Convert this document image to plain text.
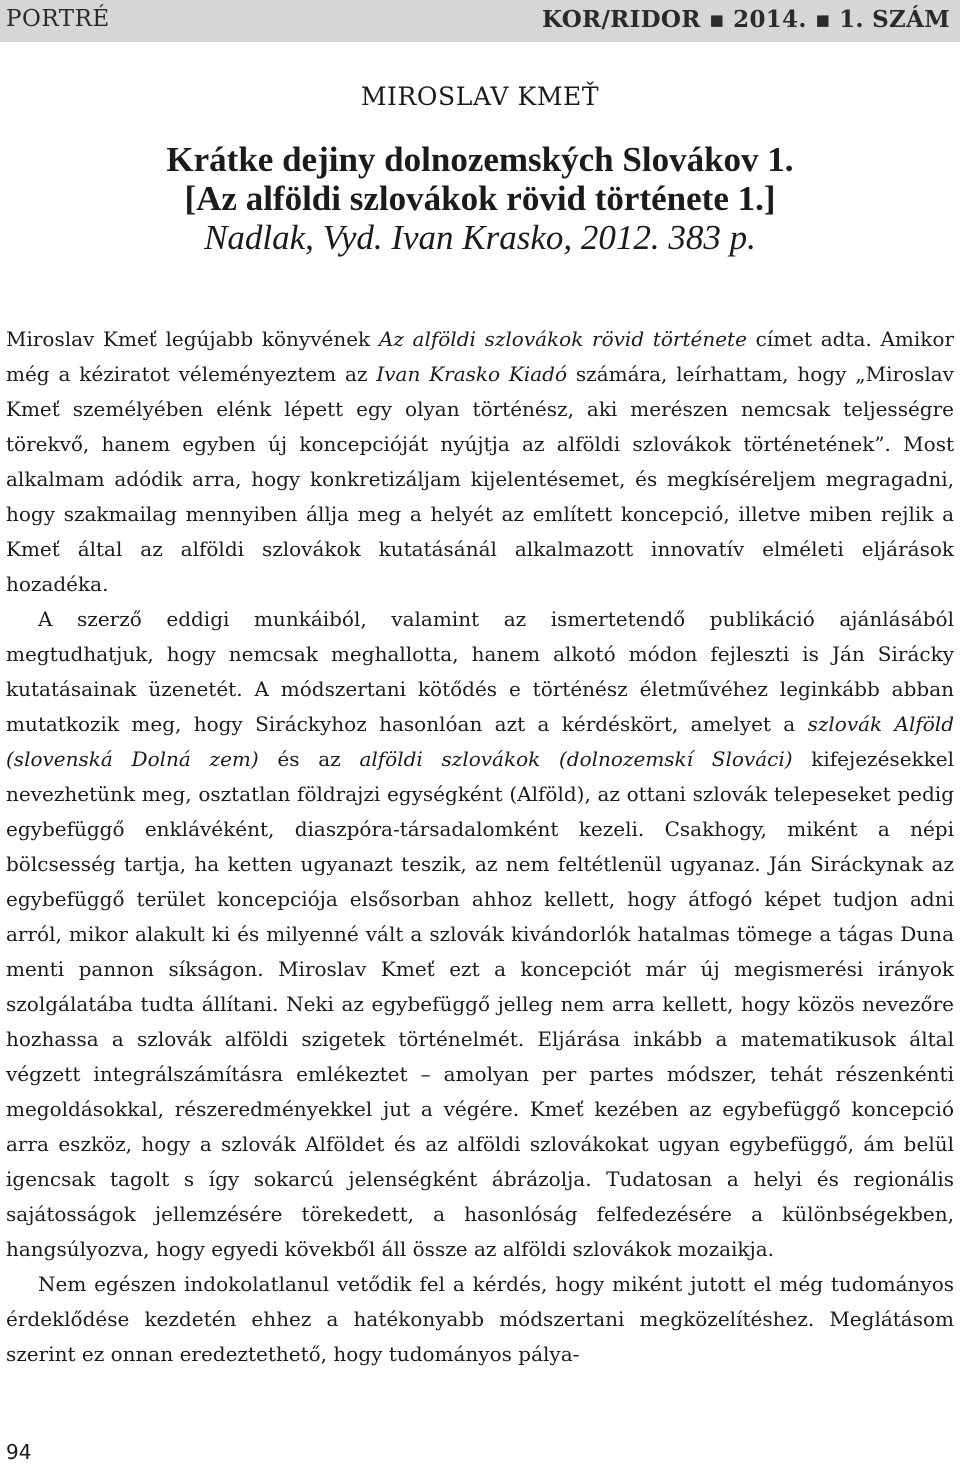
PORTRÉ	KOR/RIDOR ▪ 2014. ▪ 1. SZÁM
MIROSLAV KMEŤ
Krátke dejiny dolnozemských Slovákov 1.
[Az alföldi szlovákok rövid története 1.]
Nadlak, Vyd. Ivan Krasko, 2012. 383 p.

Miroslav Kmeť legújabb könyvének Az alföldi szlovákok rövid története címet adta. Amikor még a kéziratot véleményeztem az Ivan Krasko Kiadó számára, leírhattam, hogy „Miroslav Kmeť személyében elénk lépett egy olyan történész, aki merészen nemcsak teljességre törekvő, hanem egyben új koncepcióját nyújtja az alföldi szlovákok történetének”. Most alkalmam adódik arra, hogy konkretizáljam kijelentésemet, és megkíséreljem megragadni, hogy szakmailag mennyiben állja meg a helyét az említett koncepció, illetve miben rejlik a Kmeť által az alföldi szlovákok kutatásánál alkalmazott innovatív elméleti eljárások hozadéka.

A szerző eddigi munkáiból, valamint az ismertetendő publikáció ajánlásából megtudhatjuk, hogy nemcsak meghallotta, hanem alkotó módon fejleszti is Ján Sirácky kutatásainak üzenetét. A módszertani kötődés e történész életművéhez leginkább abban mutatkozik meg, hogy Siráckyhoz hasonlóan azt a kérdéskört, amelyet a szlovák Alföld (slovenská Dolná zem) és az alföldi szlovákok (dolnozemskí Slováci) kifejezésekkel nevezhetünk meg, osztatlan földrajzi egységként (Alföld), az ottani szlovák telepeseket pedig egybefüggő enklávéként, diaszpóra-társadalomként kezeli. Csakhogy, miként a népi bölcsesség tartja, ha ketten ugyanazt teszik, az nem feltétlenül ugyanaz. Ján Siráckynak az egybefüggő terület koncepciója elsősorban ahhoz kellett, hogy átfogó képet tudjon adni arról, mikor alakult ki és milyenné vált a szlovák kivándorlók hatalmas tömege a tágas Duna menti pannon síkságon. Miroslav Kmeť ezt a koncepciót már új megismerési irányok szolgálatába tudta állítani. Neki az egybefüggő jelleg nem arra kellett, hogy közös nevezőre hozhassa a szlovák alföldi szigetek történelmét. Eljárása inkább a matematikusok által végzett integrálszámításra emlékeztet – amolyan per partes módszer, tehát részenkénti megoldásokkal, részeredményekkel jut a végére. Kmeť kezében az egybefüggő koncepció arra eszköz, hogy a szlovák Alföldet és az alföldi szlovákokat ugyan egybefüggő, ám belül igencsak tagolt s így sokarcú jelenségként ábrázolja. Tudatosan a helyi és regionális sajátosságok jellemzésére törekedett, a hasonlóság felfedezésére a különbségekben, hangsúlyozva, hogy egyedi kövekből áll össze az alföldi szlovákok mozaikja.

Nem egészen indokolatlanul vetődik fel a kérdés, hogy miként jutott el még tudományos érdeklődése kezdetén ehhez a hatékonyabb módszertani megközelítéshez. Meglátásom szerint ez onnan eredeztethető, hogy tudományos pálya-

94
